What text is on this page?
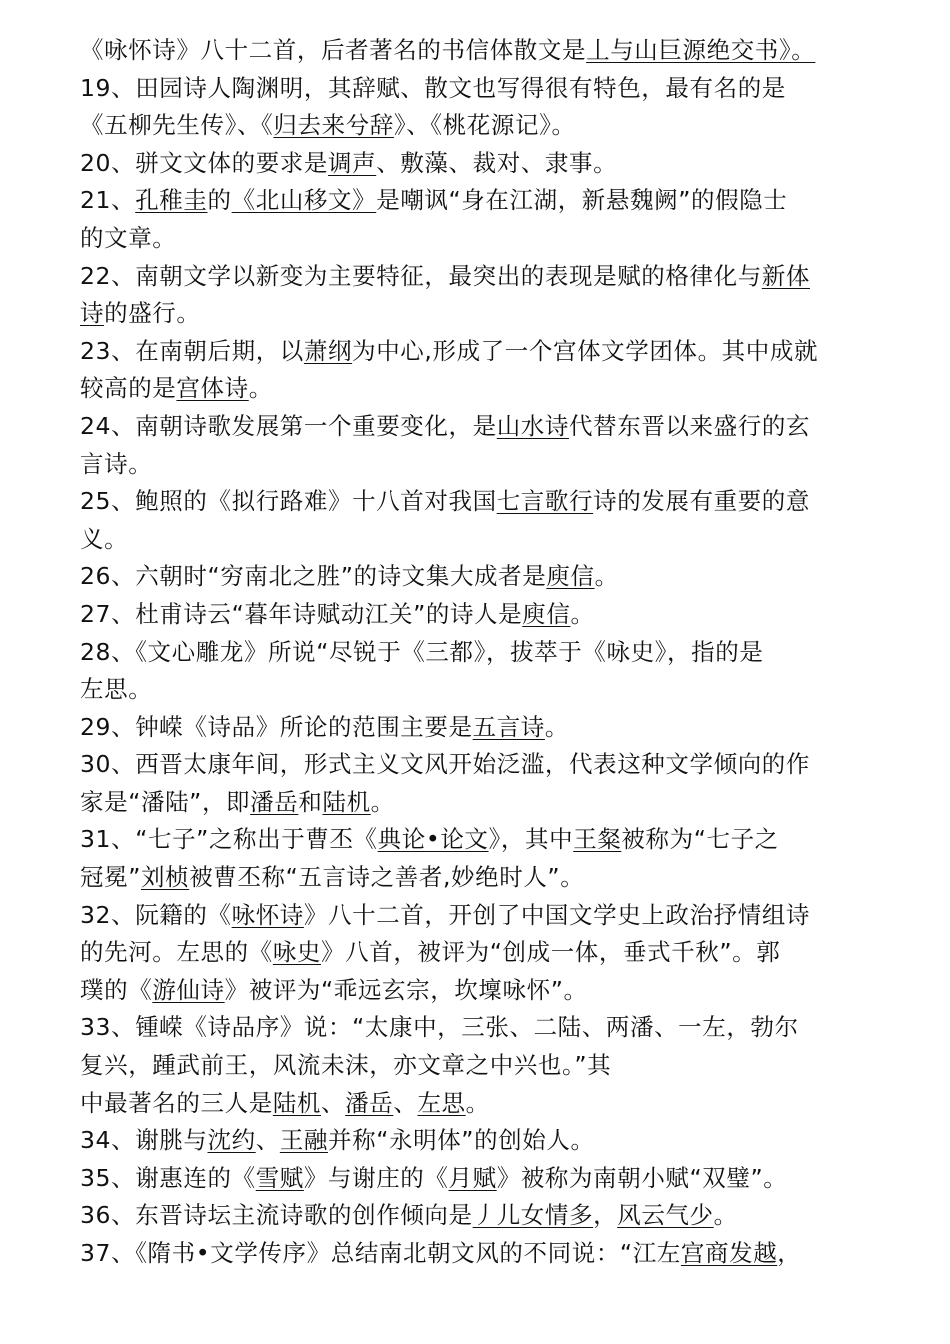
《咏怀诗》八十二首，后者著名的书信体散文是丄与山巨源绝交书》。
19、田园诗人陶渊明，其辞赋、散文也写得很有特色，最有名的是
《五柳先生传》、《归去来兮辞》、《桃花源记》。
20、骈文文体的要求是调声、敷藻、裁对、隶事。
21、孔稚圭的《北山移文》是嘲讽“身在江湖，新悬魏阙”的假隐士
的文章。
22、南朝文学以新变为主要特征，最突出的表现是赋的格律化与新体
诗的盛行。
23、在南朝后期，以萧纲为中心,形成了一个宫体文学团体。其中成就
较高的是宫体诗。
24、南朝诗歌发展第一个重要变化，是山水诗代替东晋以来盛行的玄
言诗。
25、鲍照的《拟行路难》十八首对我国七言歌行诗的发展有重要的意
义。
26、六朝时“穷南北之胜”的诗文集大成者是庾信。
27、杜甫诗云“暮年诗赋动江关”的诗人是庾信。
28、《文心雕龙》所说“尽锐于《三都》，拔萃于《咏史》，指的是
左思。
29、钟嵘《诗品》所论的范围主要是五言诗。
30、西晋太康年间，形式主义文风开始泛滥，代表这种文学倾向的作
家是“潘陆”，即潘岳和陆机。
31、“七子”之称出于曹丕《典论•论文》，其中王粲被称为“七子之
冠冕”刘桢被曹丕称“五言诗之善者,妙绝时人”。
32、阮籍的《咏怀诗》八十二首，开创了中国文学史上政治抒情组诗
的先河。左思的《咏史》八首，被评为“创成一体，垂式千秋”。郭
璞的《游仙诗》被评为“乖远玄宗，坎壈咏怀”。
33、锺嵘《诗品序》说：“太康中，三张、二陆、两潘、一左，勃尔
复兴，踵武前王，风流未沫，亦文章之中兴也。”其
中最著名的三人是陆机、潘岳、左思。
34、谢朓与沈约、王融并称“永明体”的创始人。
35、谢惠连的《雪赋》与谢庄的《月赋》被称为南朝小赋“双璧”。
36、东晋诗坛主流诗歌的创作倾向是丿儿女情多，风云气少。
37、《隋书•文学传序》总结南北朝文风的不同说：“江左宫商发越，
